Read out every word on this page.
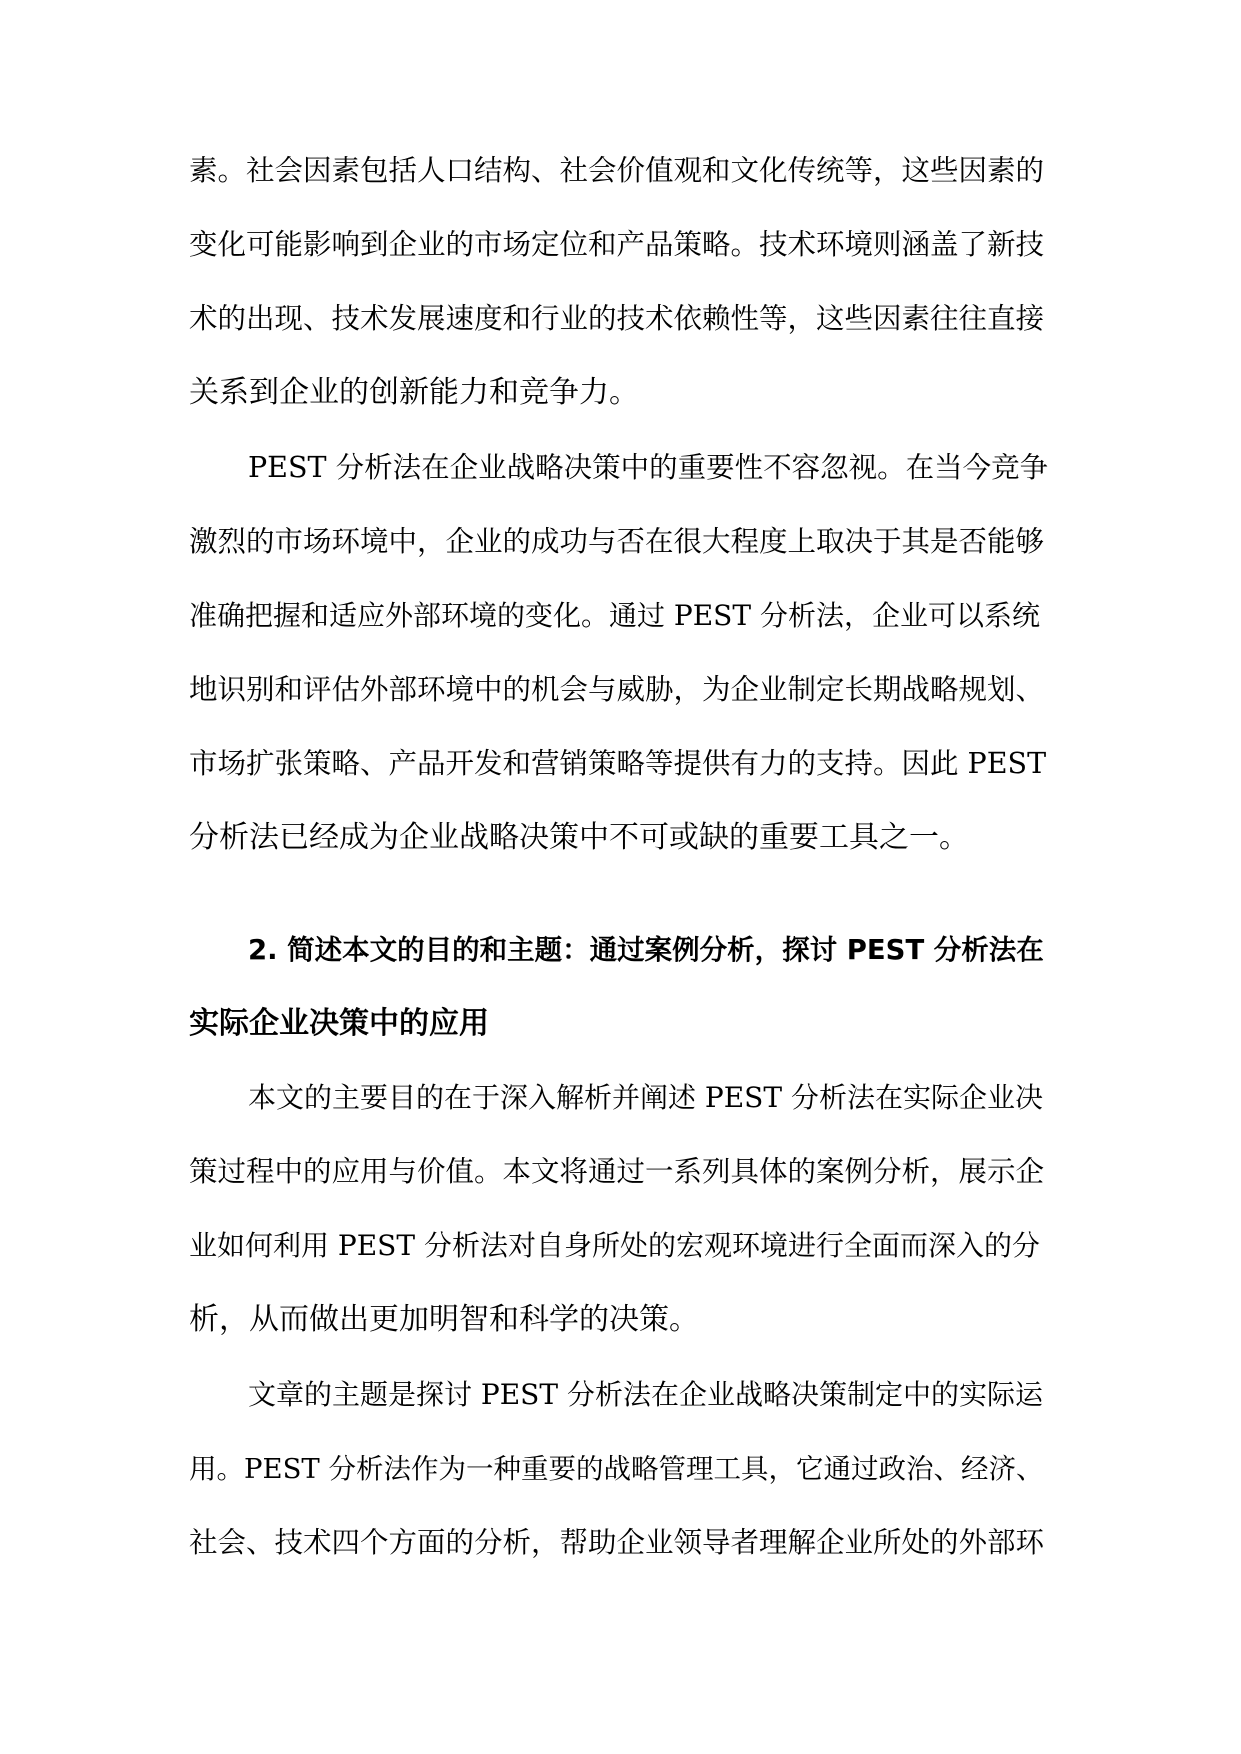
素。社会因素包括人口结构、社会价值观和文化传统等，这些因素的
变化可能影响到企业的市场定位和产品策略。技术环境则涵盖了新技
术的出现、技术发展速度和行业的技术依赖性等，这些因素往往直接
关系到企业的创新能力和竞争力。
PEST 分析法在企业战略决策中的重要性不容忽视。在当今竞争
激烈的市场环境中，企业的成功与否在很大程度上取决于其是否能够
准确把握和适应外部环境的变化。通过 PEST 分析法，企业可以系统
地识别和评估外部环境中的机会与威胁，为企业制定长期战略规划、
市场扩张策略、产品开发和营销策略等提供有力的支持。因此 PEST
分析法已经成为企业战略决策中不可或缺的重要工具之一。
2. 简述本文的目的和主题：通过案例分析，探讨 PEST 分析法在
实际企业决策中的应用
本文的主要目的在于深入解析并阐述 PEST 分析法在实际企业决
策过程中的应用与价值。本文将通过一系列具体的案例分析，展示企
业如何利用 PEST 分析法对自身所处的宏观环境进行全面而深入的分
析，从而做出更加明智和科学的决策。
文章的主题是探讨 PEST 分析法在企业战略决策制定中的实际运
用。PEST 分析法作为一种重要的战略管理工具，它通过政治、经济、
社会、技术四个方面的分析，帮助企业领导者理解企业所处的外部环
